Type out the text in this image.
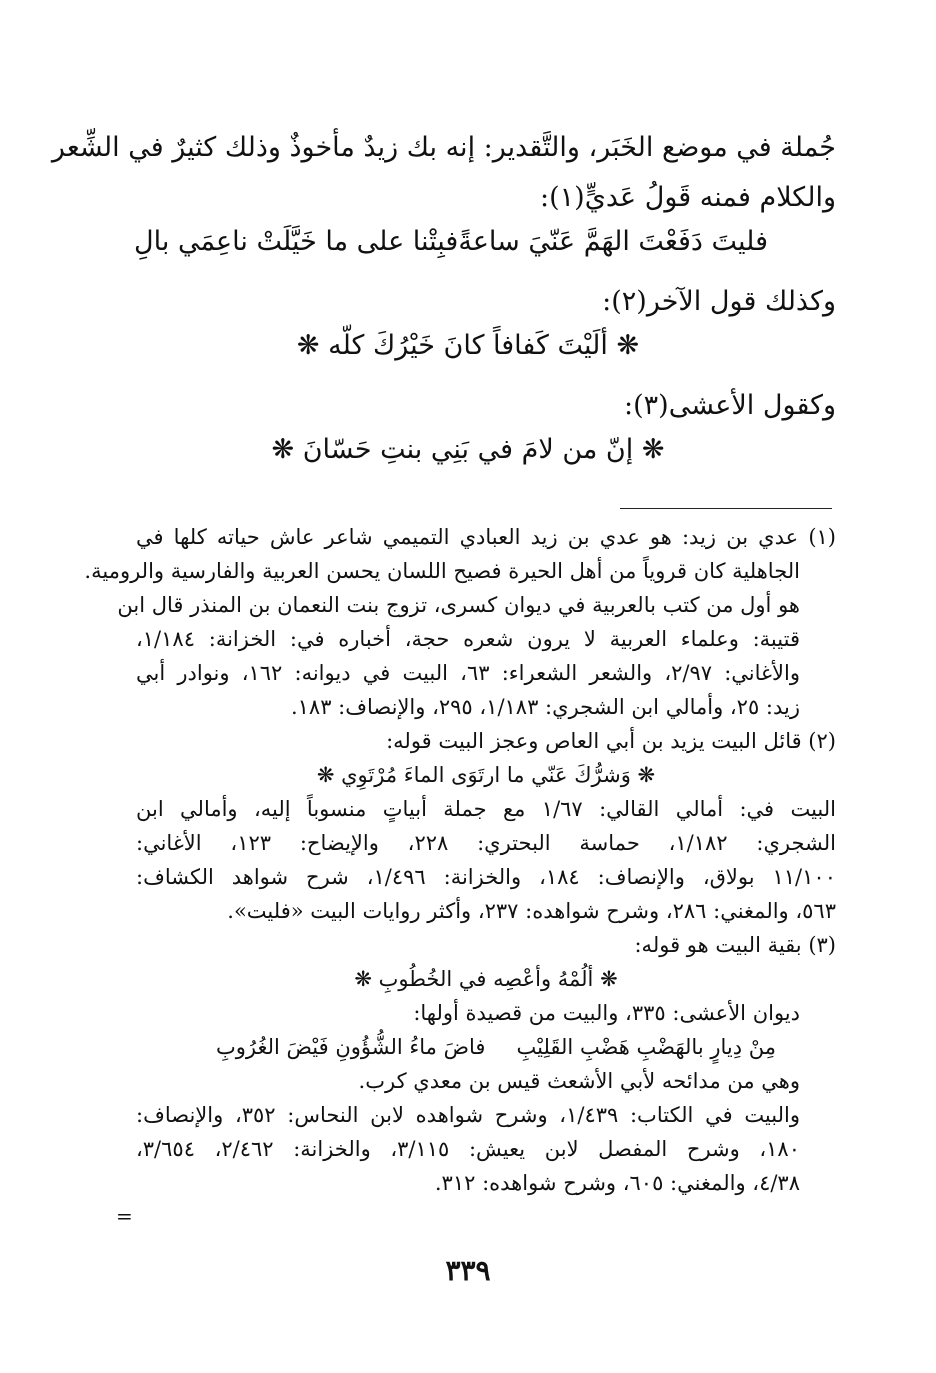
جُملة في موضع الخَبَر، والتَّقدير: إنه بك زيدٌ مأخوذٌ وذلك كثيرٌ في الشِّعر
والكلام فمنه قَولُ عَديٍّ(١):
فليتَ دَفَعْتَ الهَمَّ عَنّيَ ساعةً
فبِتْنا على ما خَيَّلَتْ ناعِمَي بالِ
وكذلك قول الآخر(٢):
❋ ألَيْتَ كَفافاً كانَ خَيْرُكَ كلّه ❋
وكقول الأعشى(٣):
❋ إنّ من لامَ في بَنِي بنتِ حَسّانَ ❋
(١) عدي بن زيد: هو عدي بن زيد العبادي التميمي شاعر عاش حياته كلها في
الجاهلية كان قروياً من أهل الحيرة فصيح اللسان يحسن العربية والفارسية والرومية.
هو أول من كتب بالعربية في ديوان كسرى، تزوج بنت النعمان بن المنذر قال ابن
قتيبة: وعلماء العربية لا يرون شعره حجة، أخباره في: الخزانة: ١/١٨٤،
والأغاني: ٢/٩٧، والشعر الشعراء: ٦٣، البيت في ديوانه: ١٦٢، ونوادر أبي
زيد: ٢٥، وأمالي ابن الشجري: ١/١٨٣، ٢٩٥، والإنصاف: ١٨٣.
(٢) قائل البيت يزيد بن أبي العاص وعجز البيت قوله:
❋ وَشرُّكَ عَنّي ما ارتَوَى الماءَ مُرْتَوِي ❋
البيت في: أمالي القالي: ١/٦٧ مع جملة أبياتٍ منسوباً إليه، وأمالي ابن
الشجري: ١/١٨٢، حماسة البحتري: ٢٢٨، والإيضاح: ١٢٣، الأغاني:
١١/١٠٠ بولاق، والإنصاف: ١٨٤، والخزانة: ١/٤٩٦، شرح شواهد الكشاف:
٥٦٣، والمغني: ٢٨٦، وشرح شواهده: ٢٣٧، وأكثر روايات البيت «فليت».
(٣) بقية البيت هو قوله:
❋ ألُمْهُ وأعْصِه في الخُطُوبِ ❋
ديوان الأعشى: ٣٣٥، والبيت من قصيدة أولها:
مِنْ دِيارٍ بالهَضْبِ هَضْبِ القَلِيْبِ
فاضَ ماءُ الشُّؤُونِ فَيْضَ الغُرُوبِ
وهي من مدائحه لأبي الأشعث قيس بن معدي كرب.
والبيت في الكتاب: ١/٤٣٩، وشرح شواهده لابن النحاس: ٣٥٢، والإنصاف:
١٨٠، وشرح المفصل لابن يعيش: ٣/١١٥، والخزانة: ٢/٤٦٢، ٣/٦٥٤،
٤/٣٨، والمغني: ٦٠٥، وشرح شواهده: ٣١٢.
=
٣٣٩
